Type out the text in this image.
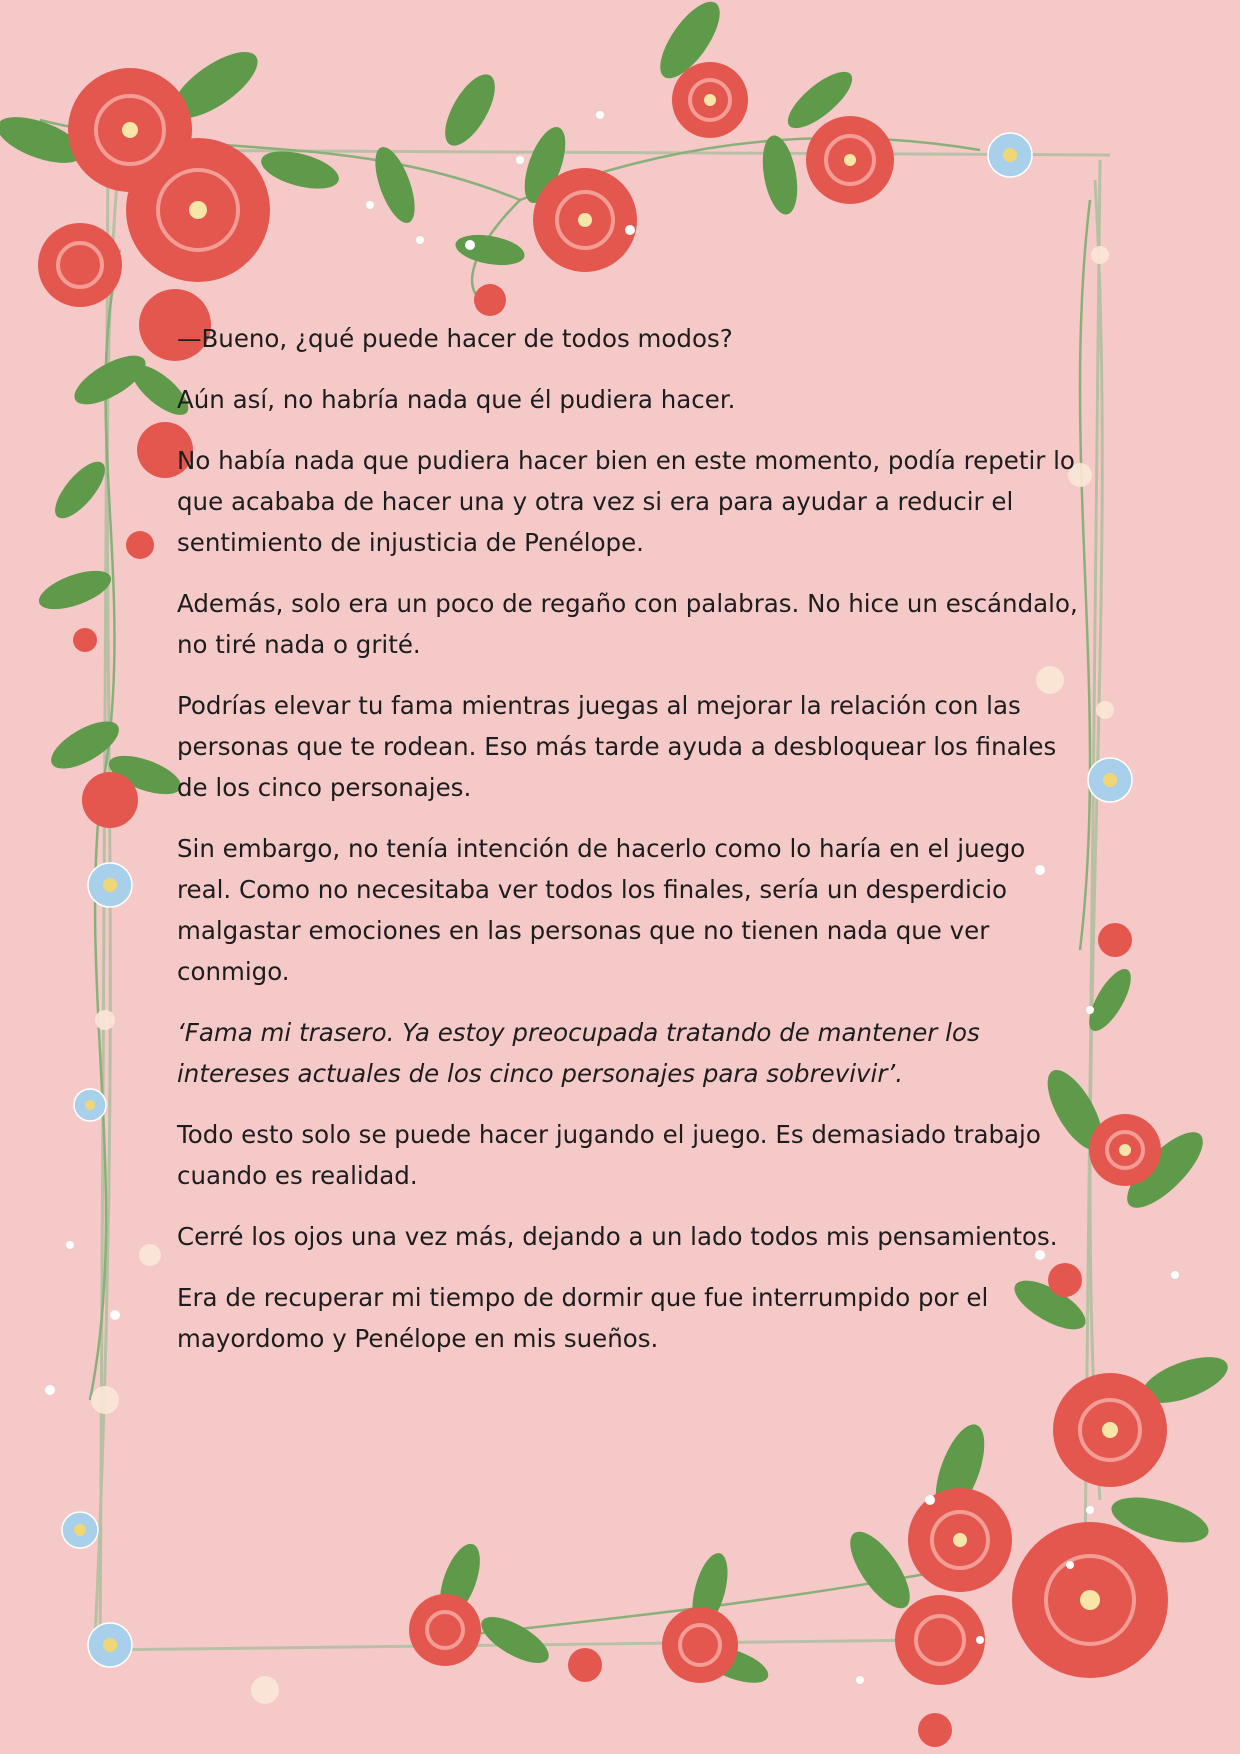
—Bueno, ¿qué puede hacer de todos modos?

Aún así, no habría nada que él pudiera hacer.

No había nada que pudiera hacer bien en este momento, podía repetir lo que acababa de hacer una y otra vez si era para ayudar a reducir el sentimiento de injusticia de Penélope.

Además, solo era un poco de regaño con palabras. No hice un escándalo, no tiré nada o grité.

Podrías elevar tu fama mientras juegas al mejorar la relación con las personas que te rodean. Eso más tarde ayuda a desbloquear los finales de los cinco personajes.

Sin embargo, no tenía intención de hacerlo como lo haría en el juego real. Como no necesitaba ver todos los finales, sería un desperdicio malgastar emociones en las personas que no tienen nada que ver conmigo.

‘Fama mi trasero. Ya estoy preocupada tratando de mantener los intereses actuales de los cinco personajes para sobrevivir’.

Todo esto solo se puede hacer jugando el juego. Es demasiado trabajo cuando es realidad.

Cerré los ojos una vez más, dejando a un lado todos mis pensamientos.

Era de recuperar mi tiempo de dormir que fue interrumpido por el mayordomo y Penélope en mis sueños.
